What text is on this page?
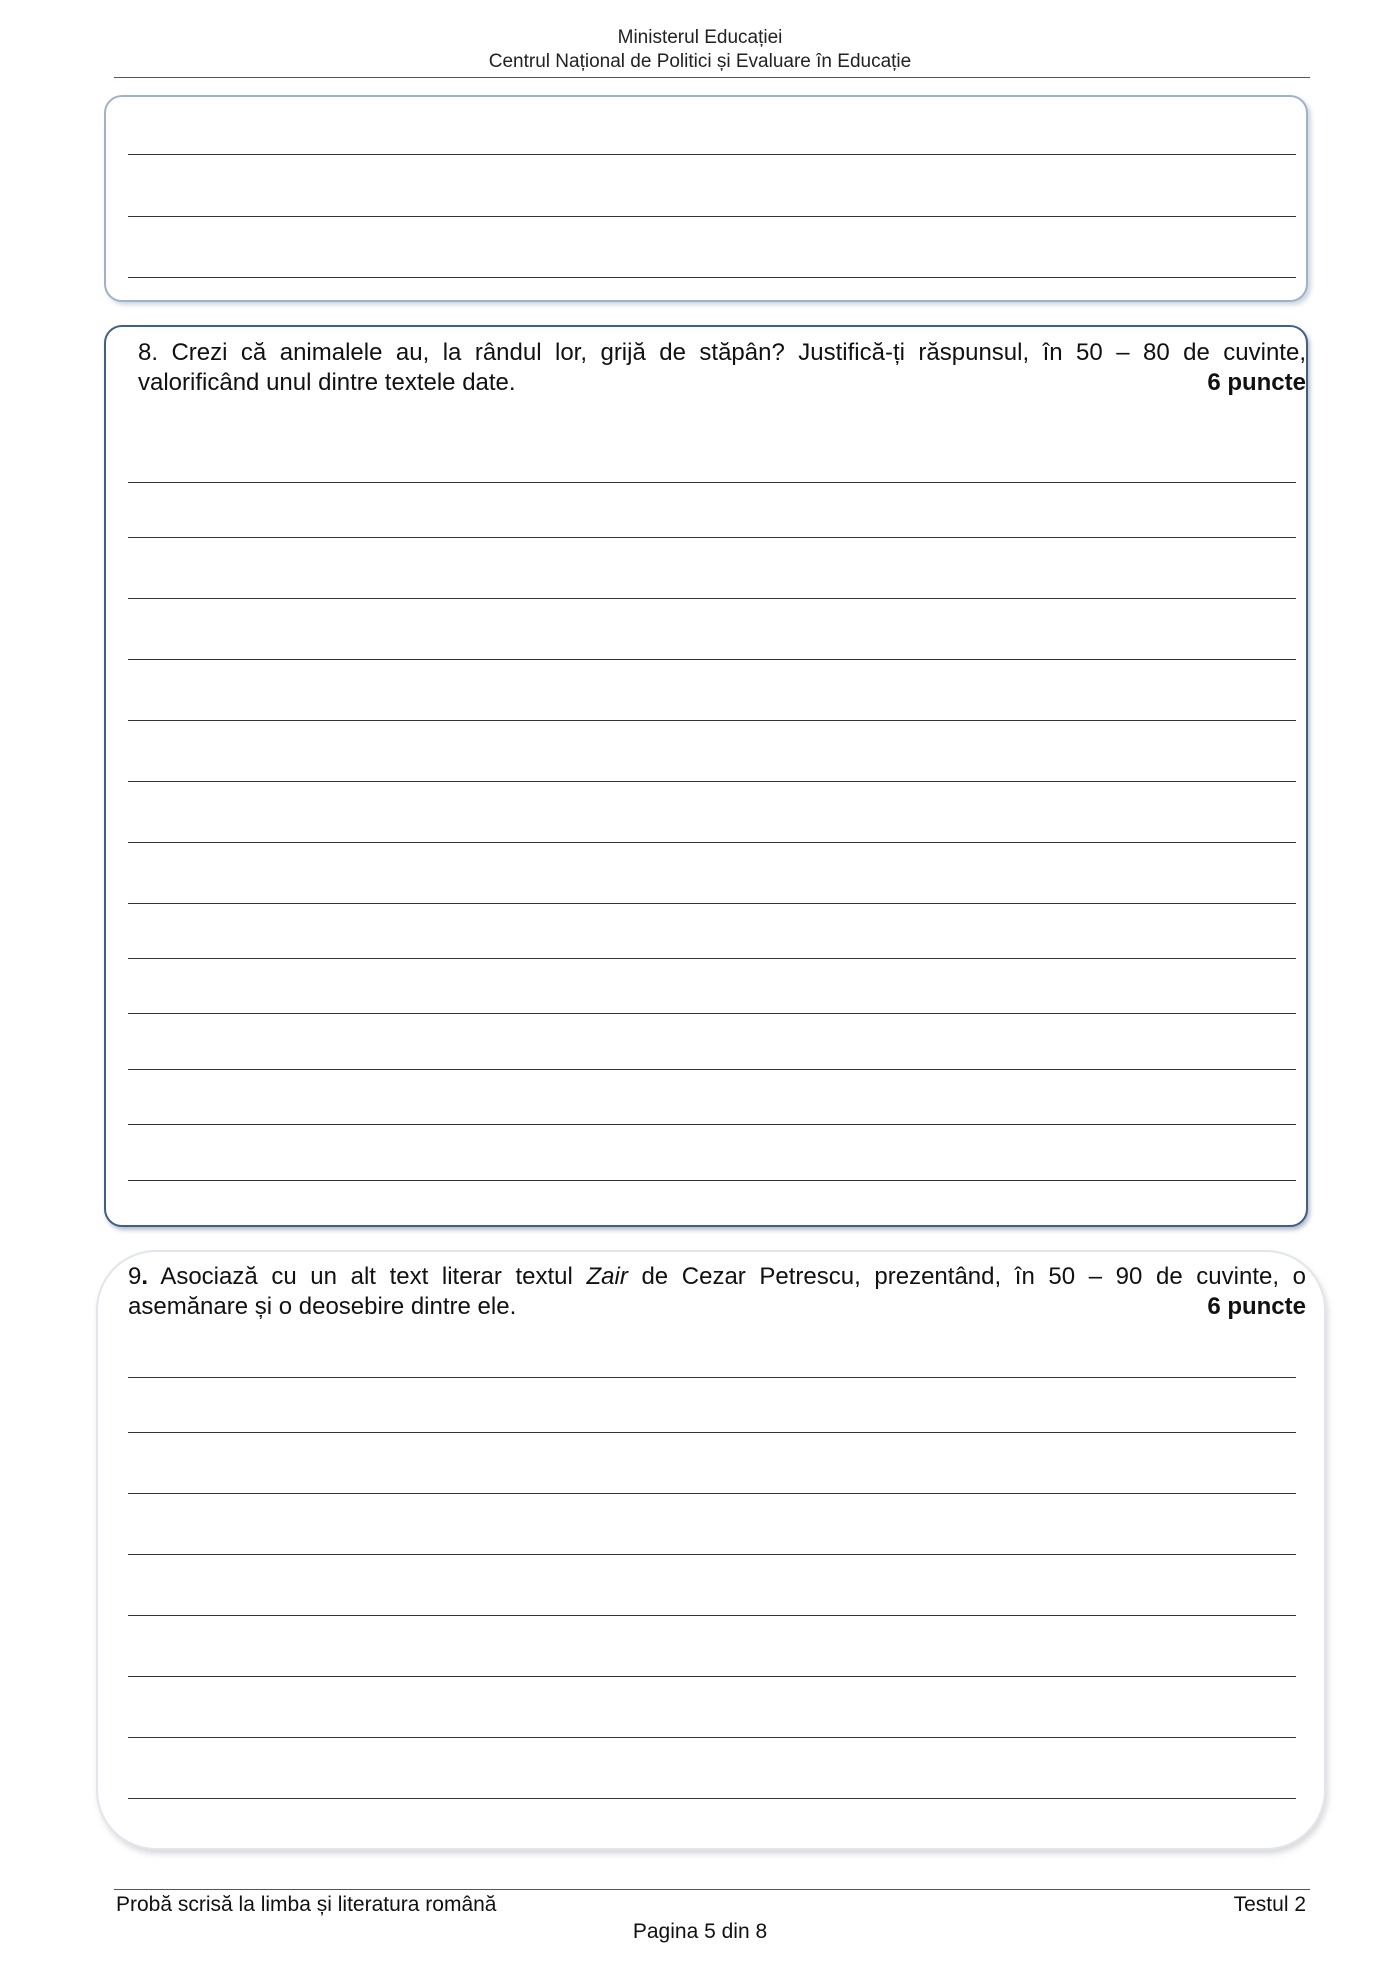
Ministerul Educației
Centrul Național de Politici și Evaluare în Educație
8. Crezi că animalele au, la rândul lor, grijă de stăpân? Justifică-ți răspunsul, în 50 – 80 de cuvinte,
valorificând unul dintre textele date.	6 puncte
9. Asociază cu un alt text literar textul Zair de Cezar Petrescu, prezentând, în 50 – 90 de cuvinte, o
asemănare și o deosebire dintre ele.	6 puncte
Probă scrisă la limba și literatura română	Testul 2
Pagina 5 din 8
